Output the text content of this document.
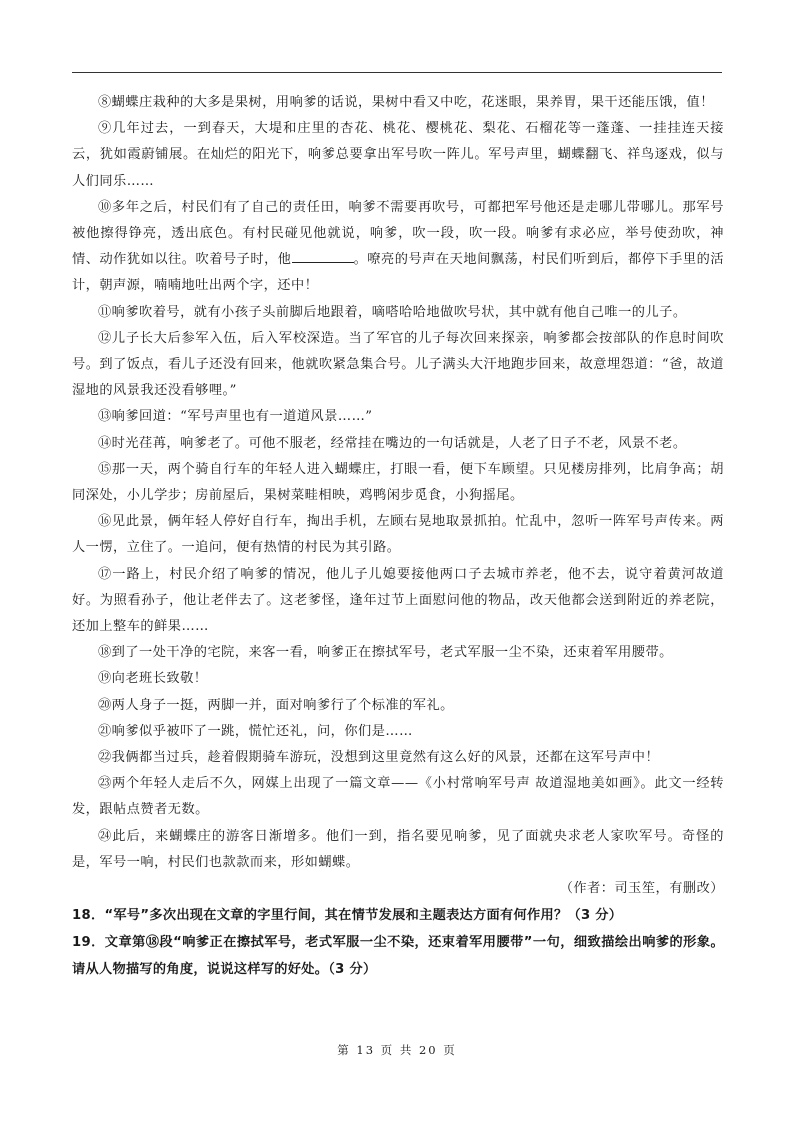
⑧蝴蝶庄栽种的大多是果树，用响爹的话说，果树中看又中吃，花迷眼，果养胃，果干还能压饿，值！

⑨几年过去，一到春天，大堤和庄里的杏花、桃花、樱桃花、梨花、石榴花等一蓬蓬、一挂挂连天接云，犹如霞蔚铺展。在灿烂的阳光下，响爹总要拿出军号吹一阵儿。军号声里，蝴蝶翻飞、祥鸟逐戏，似与人们同乐……

⑩多年之后，村民们有了自己的责任田，响爹不需要再吹号，可都把军号他还是走哪儿带哪儿。那军号被他擦得铮亮，透出底色。有村民碰见他就说，响爹，吹一段，吹一段。响爹有求必应，举号使劲吹，神情、动作犹如以往。吹着号子时，他	。嘹亮的号声在天地间飘荡，村民们听到后，都停下手里的活计，朝声源，喃喃地吐出两个字，还中！

⑪响爹吹着号，就有小孩子头前脚后地跟着，嘀嗒哈哈地做吹号状，其中就有他自己唯一的儿子。

⑫儿子长大后参军入伍，后入军校深造。当了军官的儿子每次回来探亲，响爹都会按部队的作息时间吹号。到了饭点，看儿子还没有回来，他就吹紧急集合号。儿子满头大汗地跑步回来，故意埋怨道：“爸，故道湿地的风景我还没看够哩。”

⑬响爹回道：“军号声里也有一道道风景……”

⑭时光荏苒，响爹老了。可他不服老，经常挂在嘴边的一句话就是，人老了日子不老，风景不老。

⑮那一天，两个骑自行车的年轻人进入蝴蝶庄，打眼一看，便下车顾望。只见楼房排列，比肩争高；胡同深处，小儿学步；房前屋后，果树菜畦相映，鸡鸭闲步觅食，小狗摇尾。

⑯见此景，俩年轻人停好自行车，掏出手机，左顾右晃地取景抓拍。忙乱中，忽听一阵军号声传来。两人一愣，立住了。一追问，便有热情的村民为其引路。

⑰一路上，村民介绍了响爹的情况，他儿子儿媳要接他两口子去城市养老，他不去，说守着黄河故道好。为照看孙子，他让老伴去了。这老爹怪，逢年过节上面慰问他的物品，改天他都会送到附近的养老院，还加上整车的鲜果……

⑱到了一处干净的宅院，来客一看，响爹正在擦拭军号，老式军服一尘不染，还束着军用腰带。

⑲向老班长致敬！

⑳两人身子一挺，两脚一并，面对响爹行了个标准的军礼。

㉑响爹似乎被吓了一跳，慌忙还礼，问，你们是……

㉒我俩都当过兵，趁着假期骑车游玩，没想到这里竟然有这么好的风景，还都在这军号声中！

㉓两个年轻人走后不久，网媒上出现了一篇文章——《小村常响军号声 故道湿地美如画》。此文一经转发，跟帖点赞者无数。

㉔此后，来蝴蝶庄的游客日渐增多。他们一到，指名要见响爹，见了面就央求老人家吹军号。奇怪的是，军号一响，村民们也款款而来，形如蝴蝶。

（作者：司玉笙，有删改）

18．“军号”多次出现在文章的字里行间，其在情节发展和主题表达方面有何作用？（3 分）

19．文章第⑱段“响爹正在擦拭军号，老式军服一尘不染，还束着军用腰带”一句，细致描绘出响爹的形象。请从人物描写的角度，说说这样写的好处。（3 分）

第 13 页 共 20 页
